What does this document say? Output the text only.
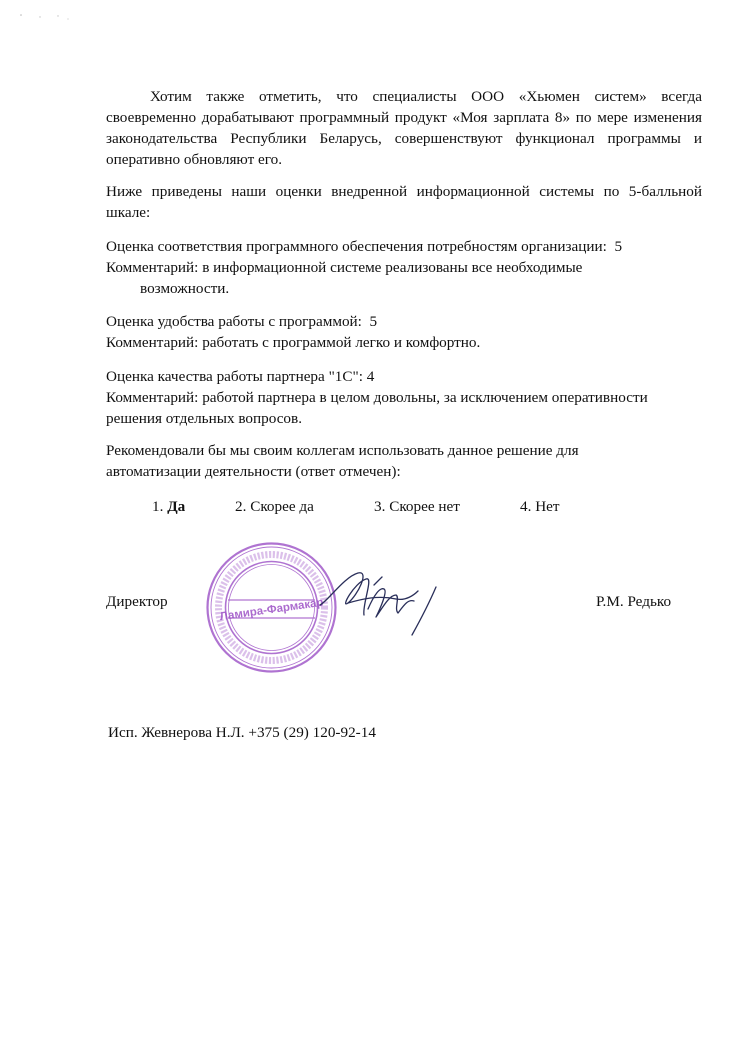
Хотим также отметить, что специалисты ООО «Хьюмен систем» всегда своевременно дорабатывают программный продукт «Моя зарплата 8» по мере изменения законодательства Республики Беларусь, совершенствуют функционал программы и оперативно обновляют его.
Ниже приведены наши оценки внедренной информационной системы по 5-балльной шкале:
Оценка соответствия программного обеспечения потребностям организации: 5
Комментарий: в информационной системе реализованы все необходимые
возможности.
Оценка удобства работы с программой: 5
Комментарий: работать с программой легко и комфортно.
Оценка качества работы партнера "1С": 4
Комментарий: работой партнера в целом довольны, за исключением оперативности
решения отдельных вопросов.
Рекомендовали бы мы своим коллегам использовать данное решение для
автоматизации деятельности (ответ отмечен):
1. Да	2. Скорее да	3. Скорее нет	4. Нет
Директор	Р.М. Редько
Ламира-Фармакар
Исп. Жевнерова Н.Л. +375 (29) 120-92-14
